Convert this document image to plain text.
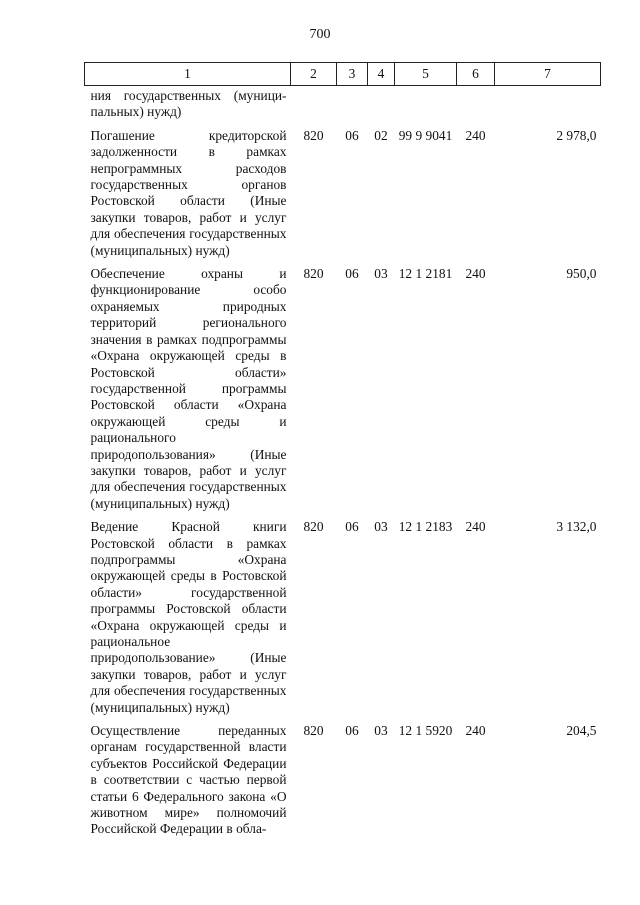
700
1	2	3	4	5	6	7
ния государственных (муници-пальных) нужд)						
Погашение кредиторской задолженности в рамках непрограммных расходов государственных органов Ростовской области (Иные закупки товаров, работ и услуг для обеспечения государственных (муниципальных) нужд)	820	06	02	99 9 9041	240	2 978,0
Обеспечение охраны и функционирование особо охраняемых природных территорий регионального значения в рамках подпрограммы «Охрана окружающей среды в Ростовской области» государственной программы Ростовской области «Охрана окружающей среды и рационального природопользования» (Иные закупки товаров, работ и услуг для обеспечения государственных (муниципальных) нужд)	820	06	03	12 1 2181	240	950,0
Ведение Красной книги Ростовской области в рамках подпрограммы «Охрана окружающей среды в Ростовской области» государственной программы Ростовской области «Охрана окружающей среды и рациональное природопользование» (Иные закупки товаров, работ и услуг для обеспечения государственных (муниципальных) нужд)	820	06	03	12 1 2183	240	3 132,0
Осуществление переданных органам государственной власти субъектов Российской Федерации в соответствии с частью первой статьи 6 Федерального закона «О животном мире» полномочий Российской Федерации в обла-	820	06	03	12 1 5920	240	204,5
